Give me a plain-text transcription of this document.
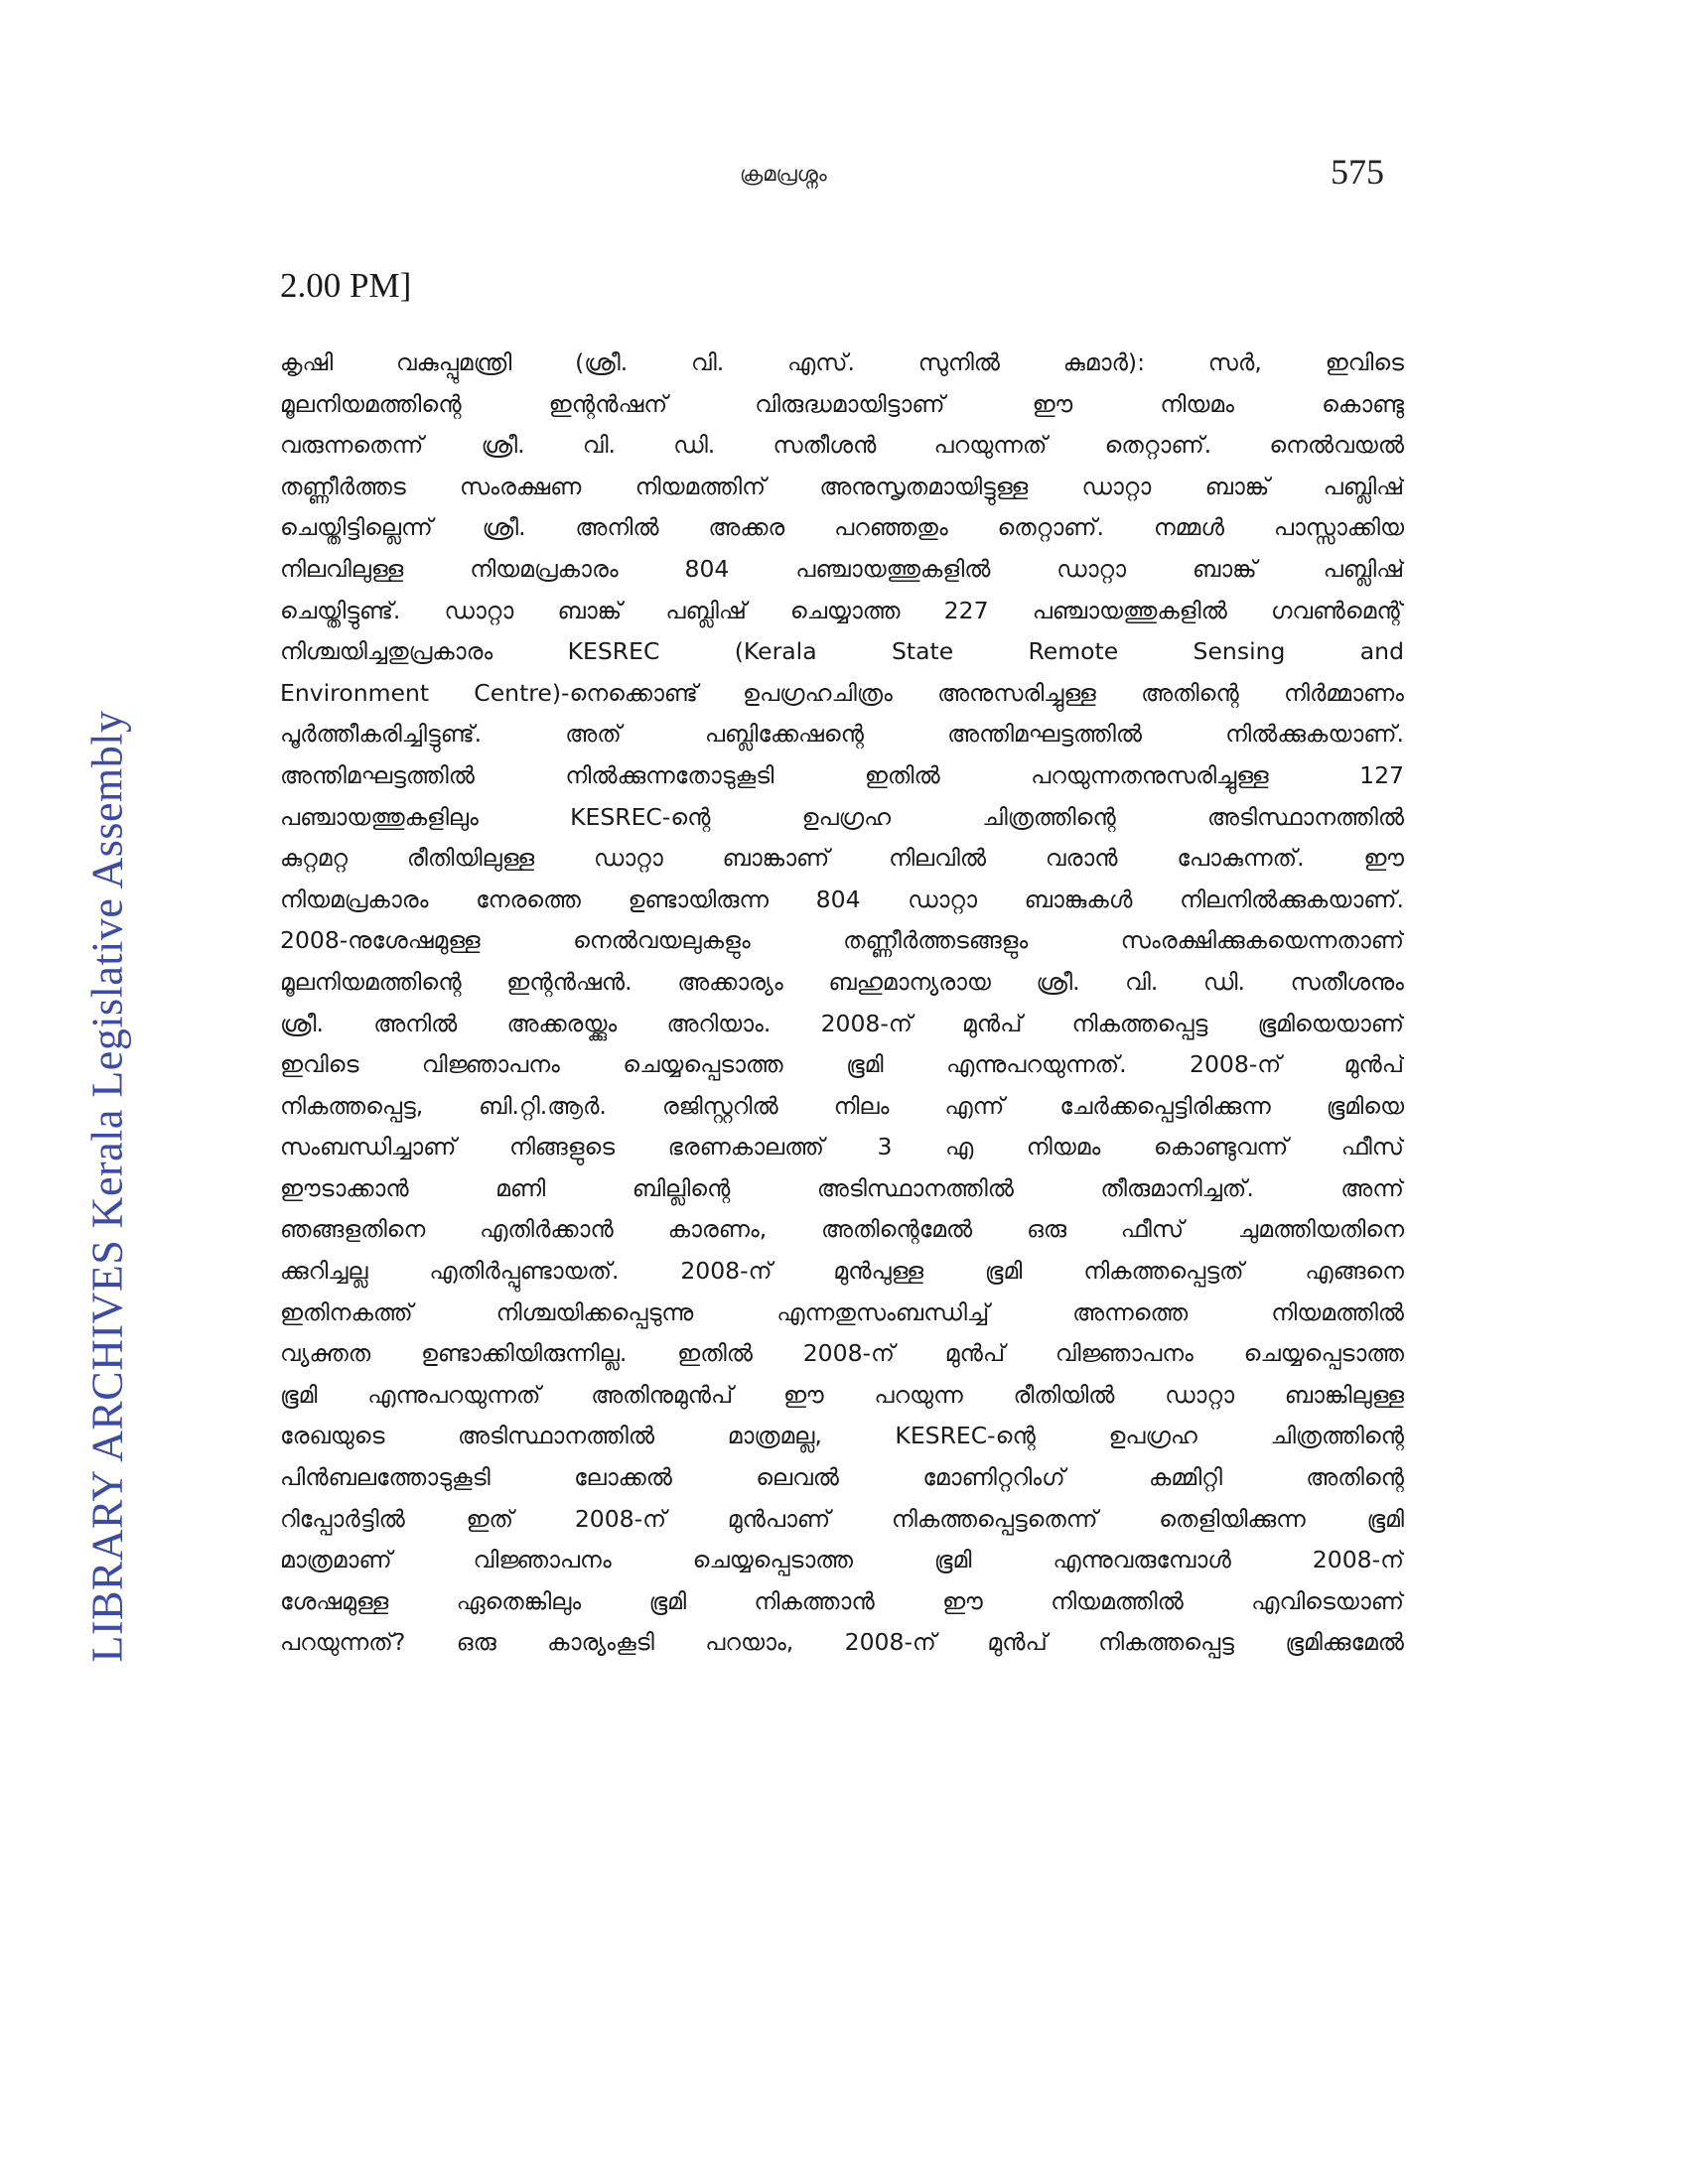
ക്രമപ്രശ്നം	575
LIBRARY ARCHIVES Kerala Legislative Assembly
2.00 PM]
കൃഷി വകുപ്പുമന്ത്രി (ശ്രീ. വി. എസ്. സുനിൽ കുമാർ): സർ, ഇവിടെ
മൂലനിയമത്തിന്റെ ഇന്റൻഷന് വിരുദ്ധമായിട്ടാണ് ഈ നിയമം കൊണ്ടു
വരുന്നതെന്ന് ശ്രീ. വി. ഡി. സതീശൻ പറയുന്നത് തെറ്റാണ്. നെൽവയൽ
തണ്ണീർത്തട സംരക്ഷണ നിയമത്തിന് അനുസൃതമായിട്ടുള്ള ഡാറ്റാ ബാങ്ക് പബ്ലിഷ്
ചെയ്തിട്ടില്ലെന്ന് ശ്രീ. അനിൽ അക്കര പറഞ്ഞതും തെറ്റാണ്. നമ്മൾ പാസ്സാക്കിയ
നിലവിലുള്ള നിയമപ്രകാരം 804 പഞ്ചായത്തുകളിൽ ഡാറ്റാ ബാങ്ക് പബ്ലിഷ്
ചെയ്തിട്ടുണ്ട്. ഡാറ്റാ ബാങ്ക് പബ്ലിഷ് ചെയ്യാത്ത 227 പഞ്ചായത്തുകളിൽ ഗവൺമെന്റ്
നിശ്ചയിച്ചതുപ്രകാരം KESREC (Kerala State Remote Sensing and
Environment Centre)-നെക്കൊണ്ട് ഉപഗ്രഹചിത്രം അനുസരിച്ചുള്ള അതിന്റെ നിർമ്മാണം
പൂർത്തീകരിച്ചിട്ടുണ്ട്. അത് പബ്ലിക്കേഷന്റെ അന്തിമഘട്ടത്തിൽ നിൽക്കുകയാണ്.
അന്തിമഘട്ടത്തിൽ നിൽക്കുന്നതോടുകൂടി ഇതിൽ പറയുന്നതനുസരിച്ചുള്ള 127
പഞ്ചായത്തുകളിലും KESREC-ന്റെ ഉപഗ്രഹ ചിത്രത്തിന്റെ അടിസ്ഥാനത്തിൽ
കുറ്റമറ്റ രീതിയിലുള്ള ഡാറ്റാ ബാങ്കാണ് നിലവിൽ വരാൻ പോകുന്നത്. ഈ
നിയമപ്രകാരം നേരത്തെ ഉണ്ടായിരുന്ന 804 ഡാറ്റാ ബാങ്കുകൾ നിലനിൽക്കുകയാണ്.
2008-നുശേഷമുള്ള നെൽവയലുകളും തണ്ണീർത്തടങ്ങളും സംരക്ഷിക്കുകയെന്നതാണ്
മൂലനിയമത്തിന്റെ ഇന്റൻഷൻ. അക്കാര്യം ബഹുമാന്യരായ ശ്രീ. വി. ഡി. സതീശനും
ശ്രീ. അനിൽ അക്കരയ്ക്കും അറിയാം. 2008-ന് മുൻപ് നികത്തപ്പെട്ട ഭൂമിയെയാണ്
ഇവിടെ വിജ്ഞാപനം ചെയ്യപ്പെടാത്ത ഭൂമി എന്നുപറയുന്നത്. 2008-ന് മുൻപ്
നികത്തപ്പെട്ട, ബി.റ്റി.ആർ. രജിസ്റ്ററിൽ നിലം എന്ന് ചേർക്കപ്പെട്ടിരിക്കുന്ന ഭൂമിയെ
സംബന്ധിച്ചാണ് നിങ്ങളുടെ ഭരണകാലത്ത് 3 എ നിയമം കൊണ്ടുവന്ന് ഫീസ്
ഈടാക്കാൻ മണി ബില്ലിന്റെ അടിസ്ഥാനത്തിൽ തീരുമാനിച്ചത്. അന്ന്
ഞങ്ങളതിനെ എതിർക്കാൻ കാരണം, അതിന്റെമേൽ ഒരു ഫീസ് ചുമത്തിയതിനെ
ക്കുറിച്ചല്ല എതിർപ്പുണ്ടായത്. 2008-ന് മുൻപുള്ള ഭൂമി നികത്തപ്പെട്ടത് എങ്ങനെ
ഇതിനകത്ത് നിശ്ചയിക്കപ്പെടുന്നു എന്നതുസംബന്ധിച്ച് അന്നത്തെ നിയമത്തിൽ
വ്യക്തത ഉണ്ടാക്കിയിരുന്നില്ല. ഇതിൽ 2008-ന് മുൻപ് വിജ്ഞാപനം ചെയ്യപ്പെടാത്ത
ഭൂമി എന്നുപറയുന്നത് അതിനുമുൻപ് ഈ പറയുന്ന രീതിയിൽ ഡാറ്റാ ബാങ്കിലുള്ള
രേഖയുടെ അടിസ്ഥാനത്തിൽ മാത്രമല്ല, KESREC-ന്റെ ഉപഗ്രഹ ചിത്രത്തിന്റെ
പിൻബലത്തോടുകൂടി ലോക്കൽ ലെവൽ മോണിറ്ററിംഗ് കമ്മിറ്റി അതിന്റെ
റിപ്പോർട്ടിൽ ഇത് 2008-ന് മുൻപാണ് നികത്തപ്പെട്ടതെന്ന് തെളിയിക്കുന്ന ഭൂമി
മാത്രമാണ് വിജ്ഞാപനം ചെയ്യപ്പെടാത്ത ഭൂമി എന്നുവരുമ്പോൾ 2008-ന്
ശേഷമുള്ള ഏതെങ്കിലും ഭൂമി നികത്താൻ ഈ നിയമത്തിൽ എവിടെയാണ്
പറയുന്നത്? ഒരു കാര്യംകൂടി പറയാം, 2008-ന് മുൻപ് നികത്തപ്പെട്ട ഭൂമിക്കുമേൽ
